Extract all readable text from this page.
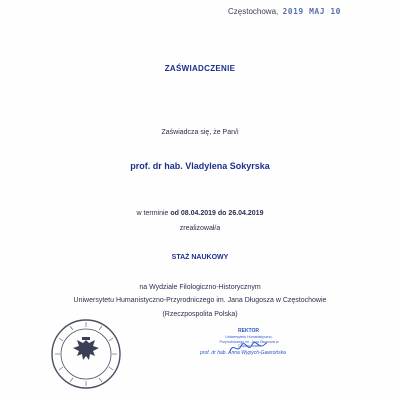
Częstochowa, 2019 MAJ 10
ZAŚWIADCZENIE
Zaświadcza się, że Pan/i
prof. dr hab. Vladylena Sokyrska
w terminie od 08.04.2019 do 26.04.2019
zrealizował/a
STAŻ NAUKOWY
na Wydziale Filologiczno-Historycznym
Uniwersytetu Humanistyczno-Przyrodniczego im. Jana Długosza w Częstochowie
(Rzeczpospolita Polska)
REKTOR
Uniwersytetu Humanistyczno-Przyrodniczego im. Jana Długosza w Częstochowie
prof. dr hab. Anna Wypych-Gawrońska
